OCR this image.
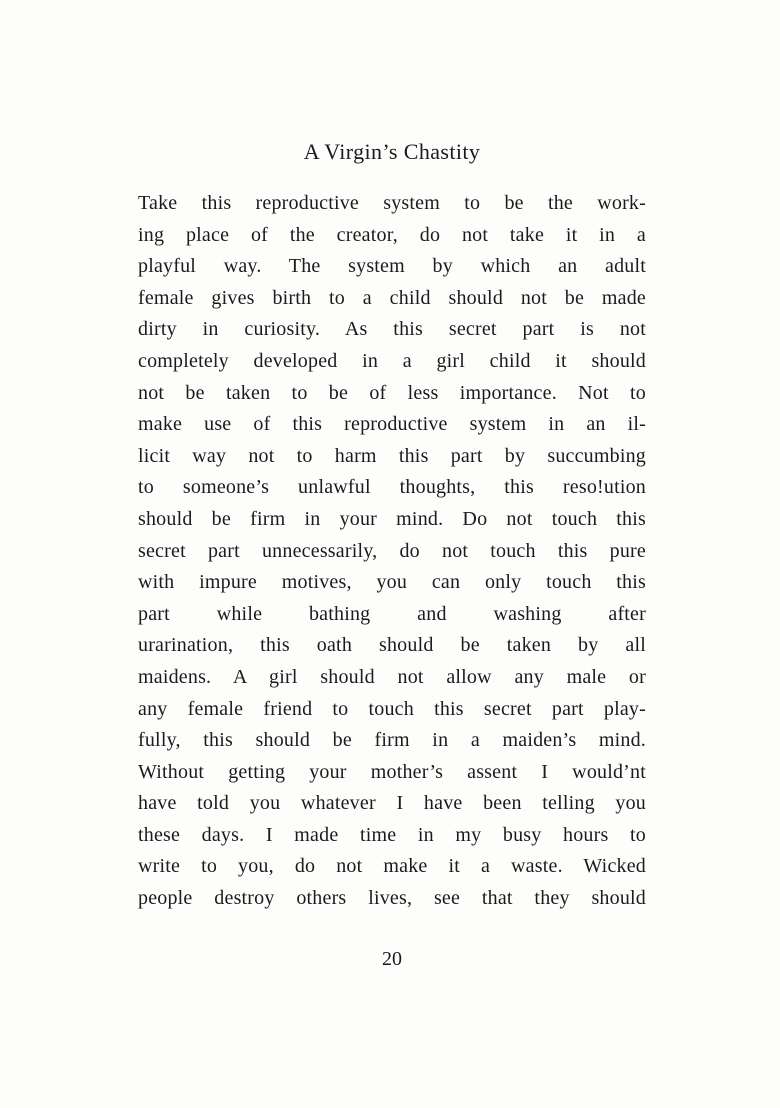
A Virgin’s Chastity
Take this reproductive system to be the work-
ing place of the creator, do not take it in a
playful way. The system by which an adult
female gives birth to a child should not be made
dirty in curiosity. As this secret part is not
completely developed in a girl child it should
not be taken to be of less importance. Not to
make use of this reproductive system in an il-
licit way not to harm this part by succumbing
to someone’s unlawful thoughts, this reso!ution
should be firm in your mind. Do not touch this
secret part unnecessarily, do not touch this pure
with impure motives, you can only touch this
part while bathing and washing after
urarination, this oath should be taken by all
maidens. A girl should not allow any male or
any female friend to touch this secret part play-
fully, this should be firm in a maiden’s mind.
Without getting your mother’s assent I would’nt
have told you whatever I have been telling you
these days. I made time in my busy hours to
write to you, do not make it a waste. Wicked
people destroy others lives, see that they should
20
